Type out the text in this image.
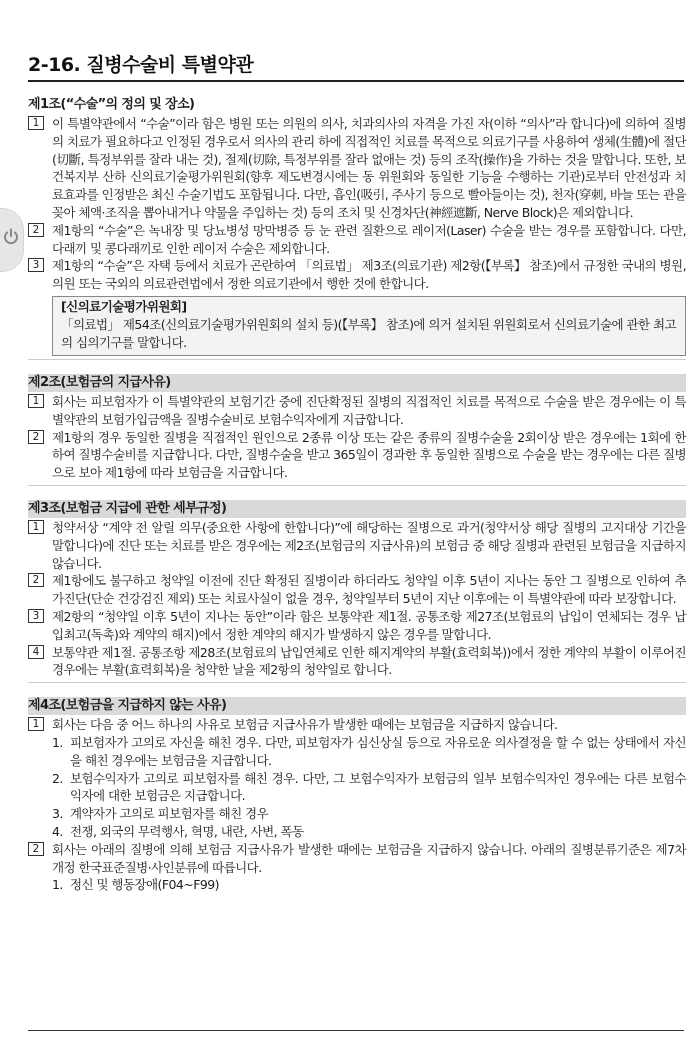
2-16. 질병수술비 특별약관
제1조(“수술”의 정의 및 장소)
1	이 특별약관에서 “수술”이라 함은 병원 또는 의원의 의사, 치과의사의 자격을 가진 자(이하 “의사”라 합니다)에 의하여 질병의 치료가 필요하다고 인정된 경우로서 의사의 관리 하에 직접적인 치료를 목적으로 의료기구를 사용하여 생체(生體)에 절단(切斷, 특정부위를 잘라 내는 것), 절제(切除, 특정부위를 잘라 없애는 것) 등의 조작(操作)을 가하는 것을 말합니다. 또한, 보건복지부 산하 신의료기술평가위원회(향후 제도변경시에는 동 위원회와 동일한 기능을 수행하는 기관)로부터 안전성과 치료효과를 인정받은 최신 수술기법도 포함됩니다. 다만, 흡인(吸引, 주사기 등으로 빨아들이는 것), 천자(穿刺, 바늘 또는 관을 꽂아 체액·조직을 뽑아내거나 약물을 주입하는 것) 등의 조치 및 신경차단(神經遮斷, Nerve Block)은 제외합니다.
2	제1항의 “수술”은 녹내장 및 당뇨병성 망막병증 등 눈 관련 질환으로 레이저(Laser) 수술을 받는 경우를 포함합니다. 다만, 다래끼 및 콩다래끼로 인한 레이저 수술은 제외합니다.
3	제1항의 “수술”은 자택 등에서 치료가 곤란하여 「의료법」 제3조(의료기관) 제2항(【부록】 참조)에서 규정한 국내의 병원, 의원 또는 국외의 의료관련법에서 정한 의료기관에서 행한 것에 한합니다.
[신의료기술평가위원회]
「의료법」 제54조(신의료기술평가위원회의 설치 등)(【부록】 참조)에 의거 설치된 위원회로서 신의료기술에 관한 최고의 심의기구를 말합니다.
제2조(보험금의 지급사유)
1	회사는 피보험자가 이 특별약관의 보험기간 중에 진단확정된 질병의 직접적인 치료를 목적으로 수술을 받은 경우에는 이 특별약관의 보험가입금액을 질병수술비로 보험수익자에게 지급합니다.
2	제1항의 경우 동일한 질병을 직접적인 원인으로 2종류 이상 또는 같은 종류의 질병수술을 2회이상 받은 경우에는 1회에 한하여 질병수술비를 지급합니다. 다만, 질병수술을 받고 365일이 경과한 후 동일한 질병으로 수술을 받는 경우에는 다른 질병으로 보아 제1항에 따라 보험금을 지급합니다.
제3조(보험금 지급에 관한 세부규정)
1	청약서상 “계약 전 알릴 의무(중요한 사항에 한합니다)”에 해당하는 질병으로 과거(청약서상 해당 질병의 고지대상 기간을 말합니다)에 진단 또는 치료를 받은 경우에는 제2조(보험금의 지급사유)의 보험금 중 해당 질병과 관련된 보험금을 지급하지 않습니다.
2	제1항에도 불구하고 청약일 이전에 진단 확정된 질병이라 하더라도 청약일 이후 5년이 지나는 동안 그 질병으로 인하여 추가진단(단순 건강검진 제외) 또는 치료사실이 없을 경우, 청약일부터 5년이 지난 이후에는 이 특별약관에 따라 보장합니다.
3	제2항의 “청약일 이후 5년이 지나는 동안”이라 함은 보통약관 제1절. 공통조항 제27조(보험료의 납입이 연체되는 경우 납입최고(독촉)와 계약의 해지)에서 정한 계약의 해지가 발생하지 않은 경우를 말합니다.
4	보통약관 제1절. 공통조항 제28조(보험료의 납입연체로 인한 해지계약의 부활(효력회복))에서 정한 계약의 부활이 이루어진 경우에는 부활(효력회복)을 청약한 날을 제2항의 청약일로 합니다.
제4조(보험금을 지급하지 않는 사유)
1	회사는 다음 중 어느 하나의 사유로 보험금 지급사유가 발생한 때에는 보험금을 지급하지 않습니다.
1. 피보험자가 고의로 자신을 해친 경우. 다만, 피보험자가 심신상실 등으로 자유로운 의사결정을 할 수 없는 상태에서 자신을 해친 경우에는 보험금을 지급합니다.
2. 보험수익자가 고의로 피보험자를 해친 경우. 다만, 그 보험수익자가 보험금의 일부 보험수익자인 경우에는 다른 보험수익자에 대한 보험금은 지급합니다.
3. 계약자가 고의로 피보험자를 해친 경우
4. 전쟁, 외국의 무력행사, 혁명, 내란, 사변, 폭동
2	회사는 아래의 질병에 의해 보험금 지급사유가 발생한 때에는 보험금을 지급하지 않습니다. 아래의 질병분류기준은 제7차 개정 한국표준질병·사인분류에 따릅니다.
1. 정신 및 행동장애(F04~F99)
